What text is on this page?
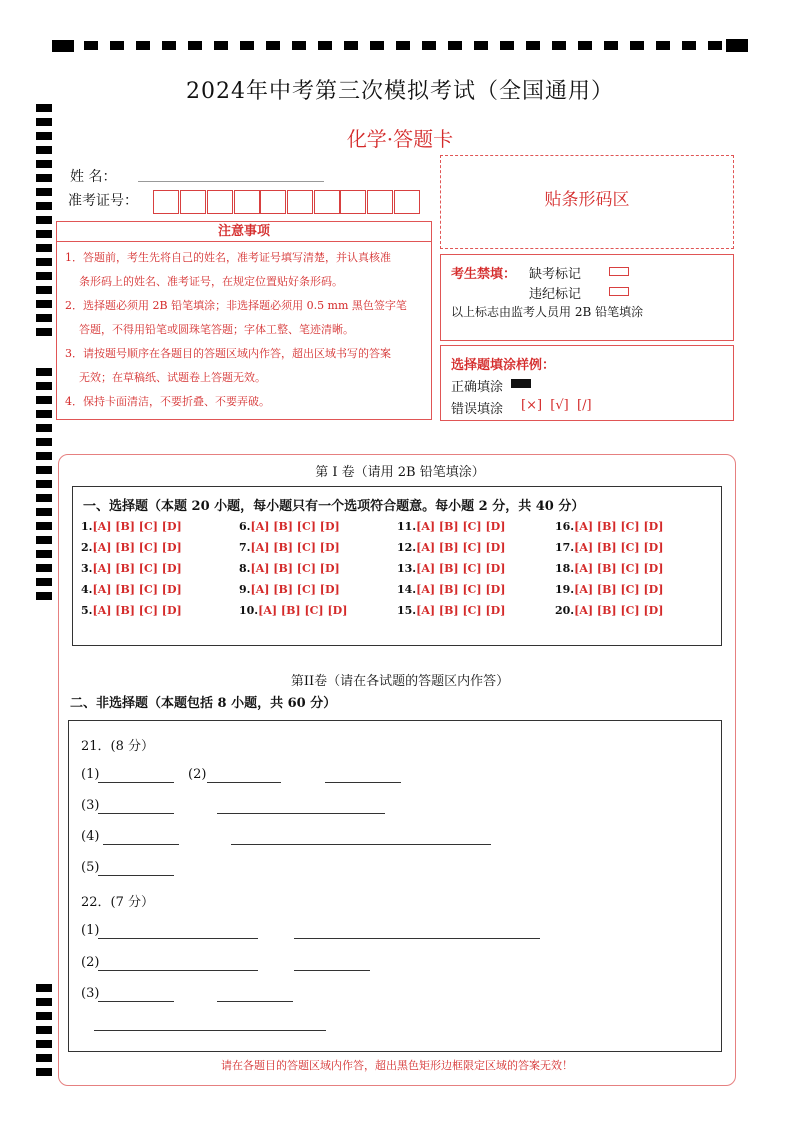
2024年中考第三次模拟考试（全国通用）
化学·答题卡
姓 名：
准考证号：
注意事项
1．答题前，考生先将自己的姓名，准考证号填写清楚，并认真核准
条形码上的姓名、准考证号，在规定位置贴好条形码。
2．选择题必须用 2B 铅笔填涂；非选择题必须用 0.5 mm 黑色签字笔
答题，不得用铅笔或圆珠笔答题；字体工整、笔迹清晰。
3．请按题号顺序在各题目的答题区域内作答，超出区域书写的答案
无效；在草稿纸、试题卷上答题无效。
4．保持卡面清洁，不要折叠、不要弄破。
贴条形码区
考生禁填： 缺考标记
违纪标记
以上标志由监考人员用 2B 铅笔填涂
选择题填涂样例：
正确填涂
错误填涂 [×]  [√]  [/]
第 I 卷（请用 2B 铅笔填涂）
一、选择题（本题 20 小题，每小题只有一个选项符合题意。每小题 2 分，共 40 分）
1.[A] [B] [C] [D]
2.[A] [B] [C] [D]
3.[A] [B] [C] [D]
4.[A] [B] [C] [D]
5.[A] [B] [C] [D]
6.[A] [B] [C] [D]
7.[A] [B] [C] [D]
8.[A] [B] [C] [D]
9.[A] [B] [C] [D]
10.[A] [B] [C] [D]
11.[A] [B] [C] [D]
12.[A] [B] [C] [D]
13.[A] [B] [C] [D]
14.[A] [B] [C] [D]
15.[A] [B] [C] [D]
16.[A] [B] [C] [D]
17.[A] [B] [C] [D]
18.[A] [B] [C] [D]
19.[A] [B] [C] [D]
20.[A] [B] [C] [D]
第II卷（请在各试题的答题区内作答）
二、非选择题（本题包括 8 小题，共 60 分）
21．(8 分）
(1)	(2)
(3)
(4)
(5)
22．(7 分）
(1)
(2)
(3)
请在各题目的答题区域内作答，超出黑色矩形边框限定区域的答案无效！
